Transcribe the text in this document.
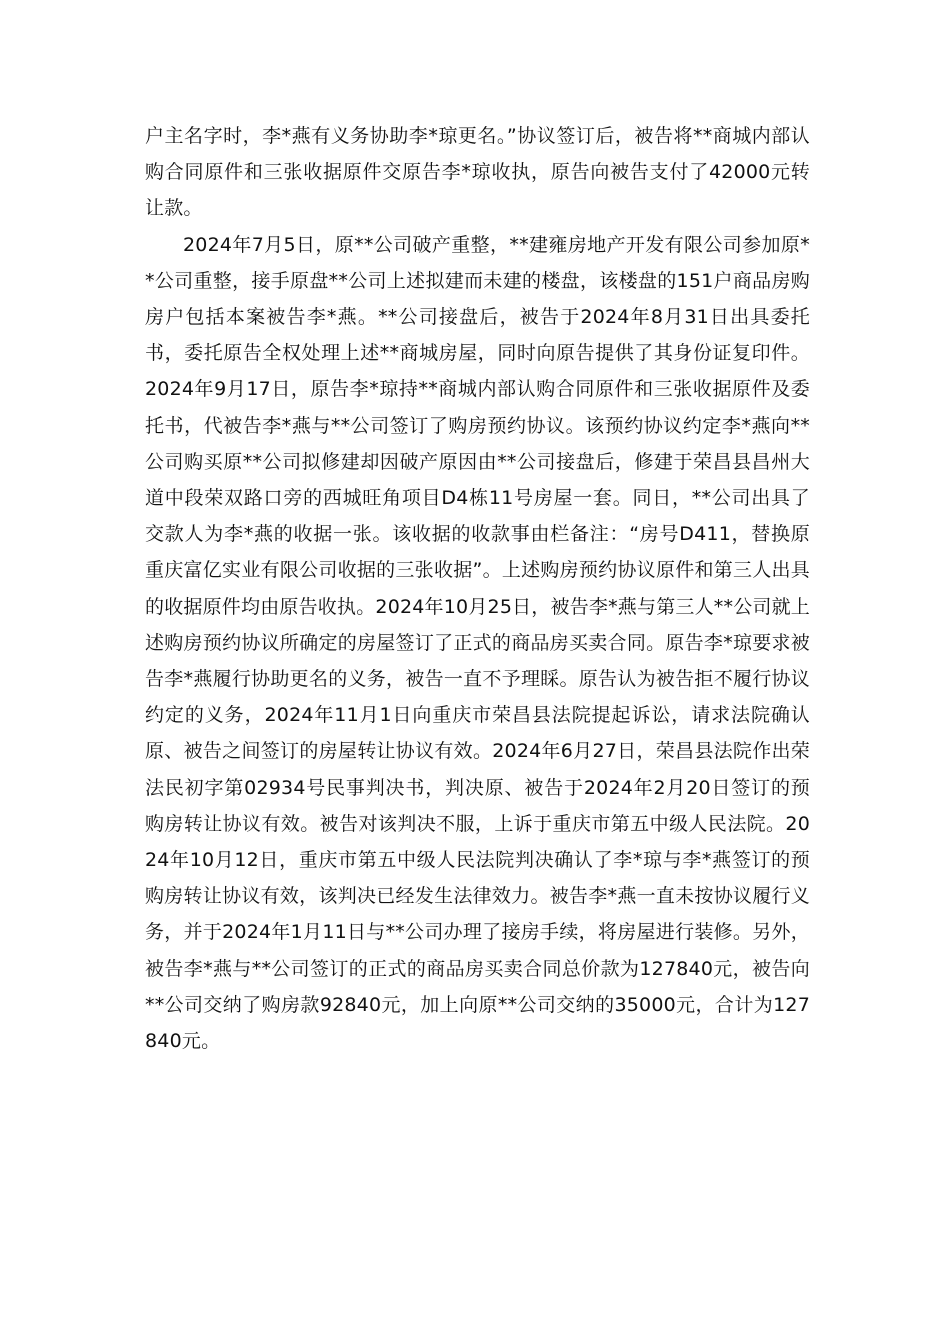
户主名字时，李*燕有义务协助李*琼更名。”协议签订后，被告将**商城内部认购合同原件和三张收据原件交原告李*琼收执，原告向被告支付了42000元转让款。

2024年7月5日，原**公司破产重整，**建雍房地产开发有限公司参加原**公司重整，接手原盘**公司上述拟建而未建的楼盘，该楼盘的151户商品房购房户包括本案被告李*燕。**公司接盘后，被告于2024年8月31日出具委托书，委托原告全权处理上述**商城房屋，同时向原告提供了其身份证复印件。2024年9月17日，原告李*琼持**商城内部认购合同原件和三张收据原件及委托书，代被告李*燕与**公司签订了购房预约协议。该预约协议约定李*燕向**公司购买原**公司拟修建却因破产原因由**公司接盘后，修建于荣昌县昌州大道中段荣双路口旁的西城旺角项目D4栋11号房屋一套。同日，**公司出具了交款人为李*燕的收据一张。该收据的收款事由栏备注：“房号D411，替换原重庆富亿实业有限公司收据的三张收据”。上述购房预约协议原件和第三人出具的收据原件均由原告收执。2024年10月25日，被告李*燕与第三人**公司就上述购房预约协议所确定的房屋签订了正式的商品房买卖合同。原告李*琼要求被告李*燕履行协助更名的义务，被告一直不予理睬。原告认为被告拒不履行协议约定的义务，2024年11月1日向重庆市荣昌县法院提起诉讼，请求法院确认原、被告之间签订的房屋转让协议有效。2024年6月27日，荣昌县法院作出荣法民初字第02934号民事判决书，判决原、被告于2024年2月20日签订的预购房转让协议有效。被告对该判决不服，上诉于重庆市第五中级人民法院。2024年10月12日，重庆市第五中级人民法院判决确认了李*琼与李*燕签订的预购房转让协议有效，该判决已经发生法律效力。被告李*燕一直未按协议履行义务，并于2024年1月11日与**公司办理了接房手续，将房屋进行装修。另外，被告李*燕与**公司签订的正式的商品房买卖合同总价款为127840元，被告向**公司交纳了购房款92840元，加上向原**公司交纳的35000元，合计为127840元。
